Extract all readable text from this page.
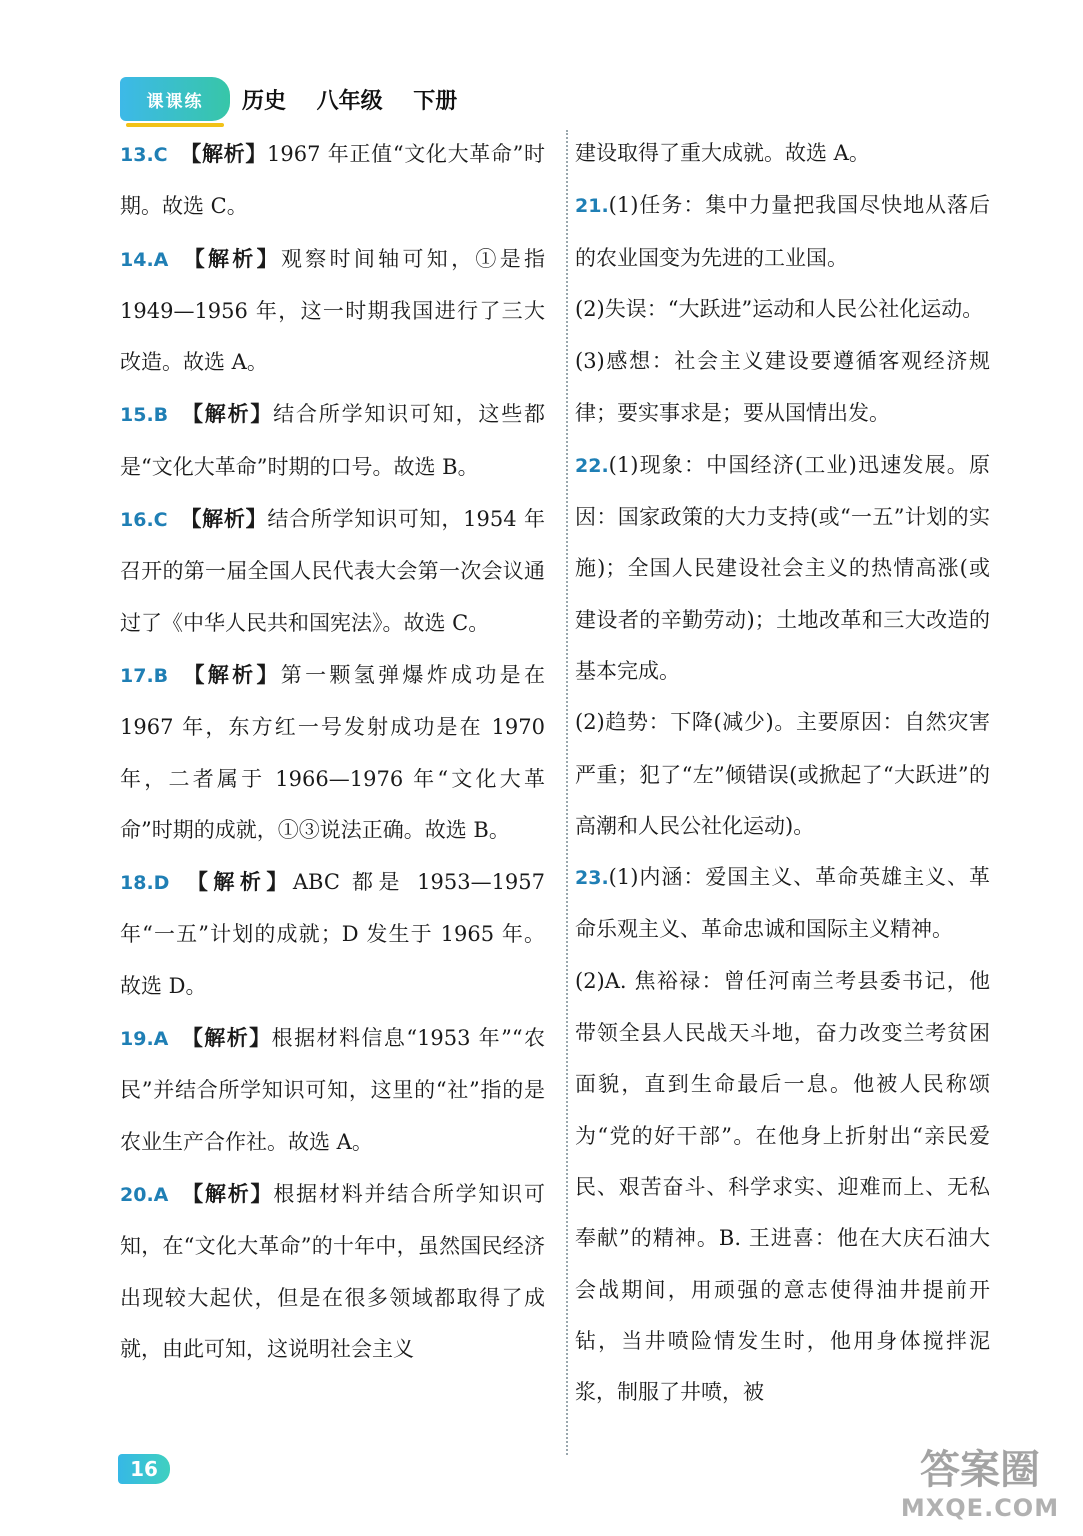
课课练 历史    八年级    下册

13.C 【解析】1967 年正值“文化大革命”时期。故选 C。

14.A 【解析】观察时间轴可知，①是指 1949—1956 年，这一时期我国进行了三大改造。故选 A。

15.B 【解析】结合所学知识可知，这些都是“文化大革命”时期的口号。故选 B。

16.C 【解析】结合所学知识可知，1954 年召开的第一届全国人民代表大会第一次会议通过了《中华人民共和国宪法》。故选 C。

17.B 【解析】第一颗氢弹爆炸成功是在 1967 年，东方红一号发射成功是在 1970 年，二者属于 1966—1976 年“文化大革命”时期的成就，①③说法正确。故选 B。

18.D 【解析】ABC 都是 1953—1957 年“一五”计划的成就；D 发生于 1965 年。故选 D。

19.A 【解析】根据材料信息“1953 年”“农民”并结合所学知识可知，这里的“社”指的是农业生产合作社。故选 A。

20.A 【解析】根据材料并结合所学知识可知，在“文化大革命”的十年中，虽然国民经济出现较大起伏，但是在很多领域都取得了成就，由此可知，这说明社会主义

建设取得了重大成就。故选 A。

21.(1)任务：集中力量把我国尽快地从落后的农业国变为先进的工业国。

(2)失误：“大跃进”运动和人民公社化运动。

(3)感想：社会主义建设要遵循客观经济规律；要实事求是；要从国情出发。

22.(1)现象：中国经济(工业)迅速发展。原因：国家政策的大力支持(或“一五”计划的实施)；全国人民建设社会主义的热情高涨(或建设者的辛勤劳动)；土地改革和三大改造的基本完成。

(2)趋势：下降(减少)。主要原因：自然灾害严重；犯了“左”倾错误(或掀起了“大跃进”的高潮和人民公社化运动)。

23.(1)内涵：爱国主义、革命英雄主义、革命乐观主义、革命忠诚和国际主义精神。

(2)A. 焦裕禄：曾任河南兰考县委书记，他带领全县人民战天斗地，奋力改变兰考贫困面貌，直到生命最后一息。他被人民称颂为“党的好干部”。在他身上折射出“亲民爱民、艰苦奋斗、科学求实、迎难而上、无私奉献”的精神。B. 王进喜：他在大庆石油大会战期间，用顽强的意志使得油井提前开钻，当井喷险情发生时，他用身体搅拌泥浆，制服了井喷，被

16	答案圈
MXQE.COM
